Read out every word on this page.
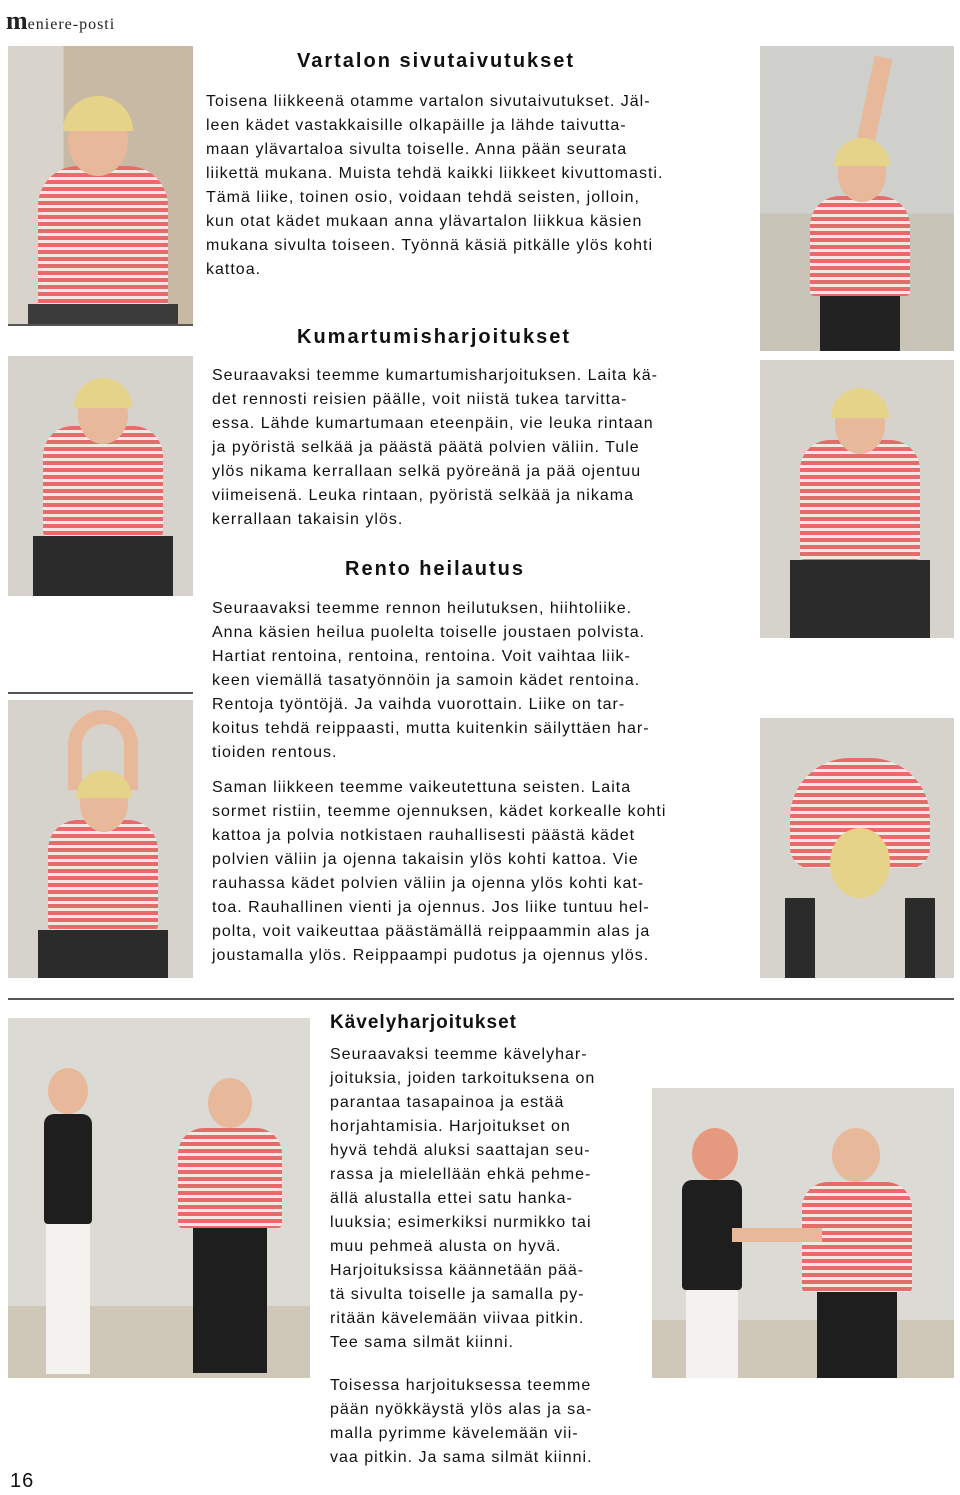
meniere-posti
Vartalon sivutaivutukset

Toisena liikkeenä otamme vartalon sivutaivutukset. Jäl-
leen kädet vastakkaisille olkapäille ja lähde taivutta-
maan ylävartaloa sivulta toiselle. Anna pään seurata
liikettä mukana. Muista tehdä kaikki liikkeet kivuttomasti.
Tämä liike, toinen osio, voidaan tehdä seisten, jolloin,
kun otat kädet mukaan anna ylävartalon liikkua käsien
mukana sivulta toiseen. Työnnä käsiä pitkälle ylös kohti
kattoa.

Kumartumisharjoitukset

Seuraavaksi teemme kumartumisharjoituksen. Laita kä-
det rennosti reisien päälle, voit niistä tukea tarvitta-
essa. Lähde kumartumaan eteenpäin, vie leuka rintaan
ja pyöristä selkää ja päästä päätä polvien väliin. Tule
ylös nikama kerrallaan selkä pyöreänä ja pää ojentuu
viimeisenä. Leuka rintaan, pyöristä selkää ja nikama
kerrallaan takaisin ylös.

Rento heilautus

Seuraavaksi teemme rennon heilutuksen, hiihtoliike.
Anna käsien heilua puolelta toiselle joustaen polvista.
Hartiat rentoina, rentoina, rentoina. Voit vaihtaa liik-
keen viemällä tasatyönnöin ja samoin kädet rentoina.
Rentoja työntöjä. Ja vaihda vuorottain. Liike on tar-
koitus tehdä reippaasti, mutta kuitenkin säilyttäen har-
tioiden rentous.

Saman liikkeen teemme vaikeutettuna seisten. Laita
sormet ristiin, teemme ojennuksen, kädet korkealle kohti
kattoa ja polvia notkistaen rauhallisesti päästä kädet
polvien väliin ja ojenna takaisin ylös kohti kattoa. Vie
rauhassa kädet polvien väliin ja ojenna ylös kohti kat-
toa. Rauhallinen vienti ja ojennus. Jos liike tuntuu hel-
polta, voit vaikeuttaa päästämällä reippaammin alas ja
joustamalla ylös. Reippaampi pudotus ja ojennus ylös.

Kävelyharjoitukset

Seuraavaksi teemme kävelyhar-
joituksia, joiden tarkoituksena on
parantaa tasapainoa ja estää
horjahtamisia. Harjoitukset on
hyvä tehdä aluksi saattajan seu-
rassa ja mielellään ehkä pehme-
ällä alustalla ettei satu hanka-
luuksia; esimerkiksi nurmikko tai
muu pehmeä alusta on hyvä.
Harjoituksissa käännetään pää-
tä sivulta toiselle ja samalla py-
ritään kävelemään viivaa pitkin.
Tee sama silmät kiinni.

Toisessa harjoituksessa teemme
pään nyökkäystä ylös alas ja sa-
malla pyrimme kävelemään vii-
vaa pitkin. Ja sama silmät kiinni.

16
